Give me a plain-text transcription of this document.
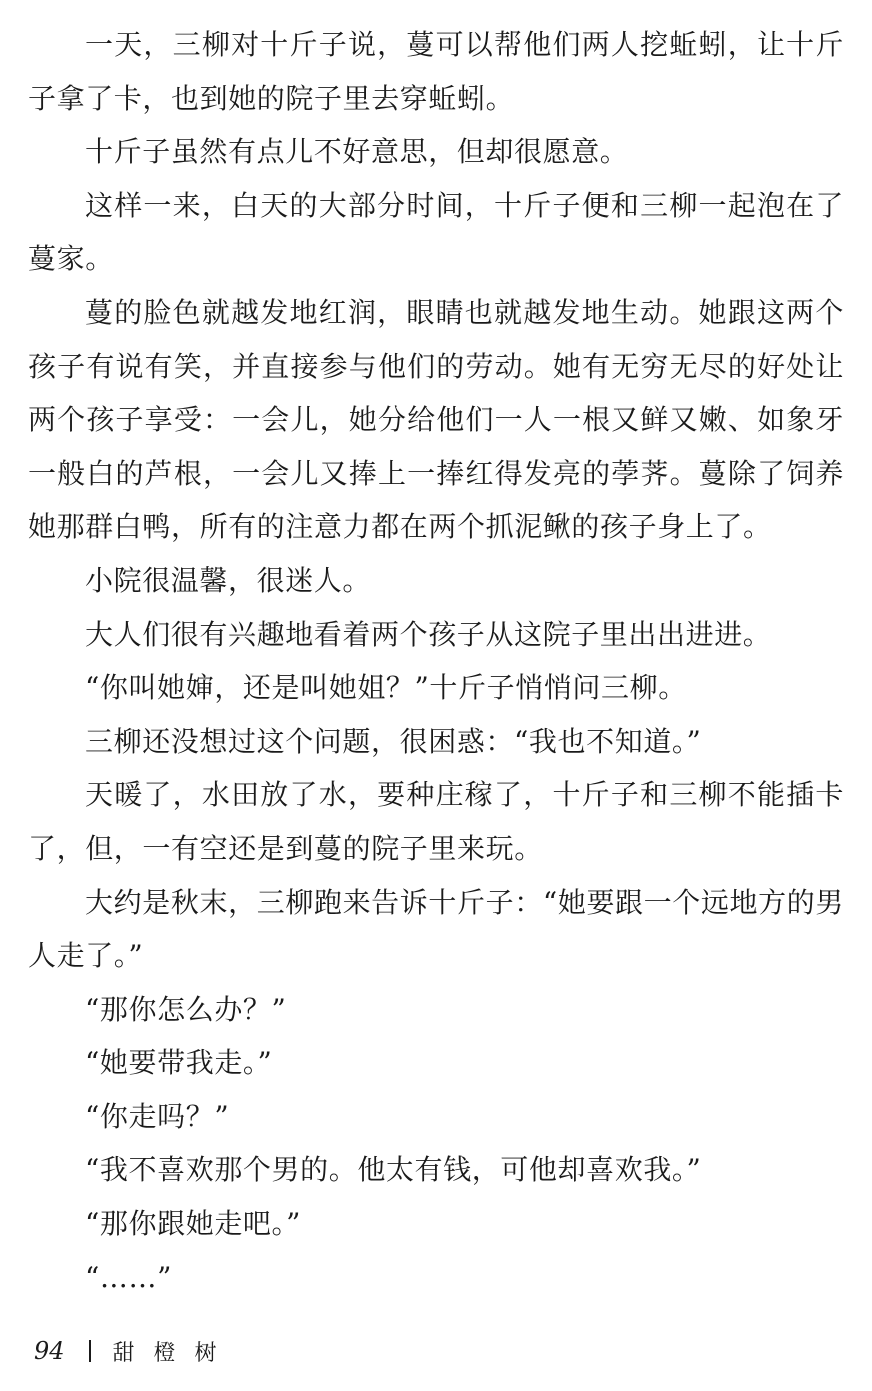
一天，三柳对十斤子说，蔓可以帮他们两人挖蚯蚓，让十斤子拿了卡，也到她的院子里去穿蚯蚓。

十斤子虽然有点儿不好意思，但却很愿意。

这样一来，白天的大部分时间，十斤子便和三柳一起泡在了蔓家。

蔓的脸色就越发地红润，眼睛也就越发地生动。她跟这两个孩子有说有笑，并直接参与他们的劳动。她有无穷无尽的好处让两个孩子享受：一会儿，她分给他们一人一根又鲜又嫩、如象牙一般白的芦根，一会儿又捧上一捧红得发亮的荸荠。蔓除了饲养她那群白鸭，所有的注意力都在两个抓泥鳅的孩子身上了。

小院很温馨，很迷人。

大人们很有兴趣地看着两个孩子从这院子里出出进进。

“你叫她婶，还是叫她姐？”十斤子悄悄问三柳。

三柳还没想过这个问题，很困惑：“我也不知道。”

天暖了，水田放了水，要种庄稼了，十斤子和三柳不能插卡了，但，一有空还是到蔓的院子里来玩。

大约是秋末，三柳跑来告诉十斤子：“她要跟一个远地方的男人走了。”

“那你怎么办？”

“她要带我走。”

“你走吗？”

“我不喜欢那个男的。他太有钱，可他却喜欢我。”

“那你跟她走吧。”

“……”

94 甜 橙 树
